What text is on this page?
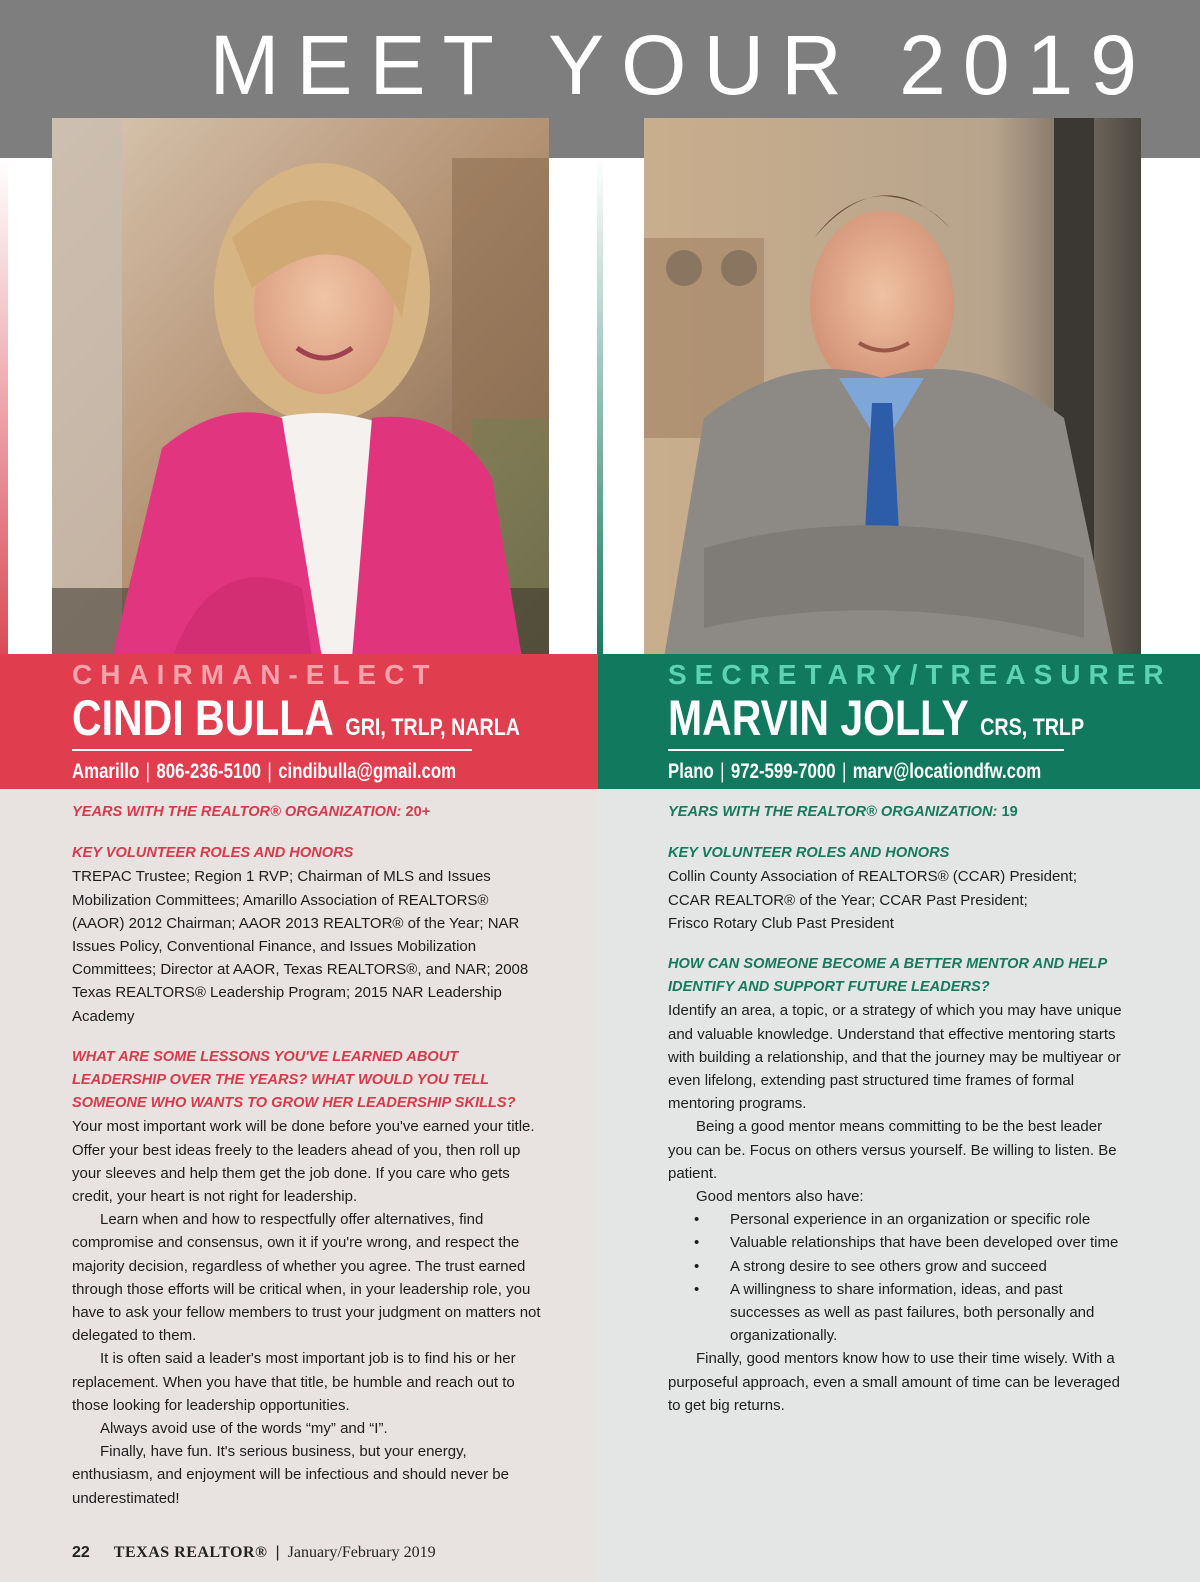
MEET YOUR 2019
CHAIRMAN-ELECT
CINDI BULLA GRI, TRLP, NARLA
Amarillo | 806-236-5100 | cindibulla@gmail.com
SECRETARY/TREASURER
MARVIN JOLLY CRS, TRLP
Plano | 972-599-7000 | marv@locationdfw.com
YEARS WITH THE REALTOR® ORGANIZATION: 20+
KEY VOLUNTEER ROLES AND HONORS

TREPAC Trustee; Region 1 RVP; Chairman of MLS and Issues Mobilization Committees; Amarillo Association of REALTORS® (AAOR) 2012 Chairman; AAOR 2013 REALTOR® of the Year; NAR Issues Policy, Conventional Finance, and Issues Mobilization Committees; Director at AAOR, Texas REALTORS®, and NAR; 2008 Texas REALTORS® Leadership Program; 2015 NAR Leadership Academy

WHAT ARE SOME LESSONS YOU'VE LEARNED ABOUT LEADERSHIP OVER THE YEARS? WHAT WOULD YOU TELL SOMEONE WHO WANTS TO GROW HER LEADERSHIP SKILLS?

Your most important work will be done before you've earned your title. Offer your best ideas freely to the leaders ahead of you, then roll up your sleeves and help them get the job done. If you care who gets credit, your heart is not right for leadership.

Learn when and how to respectfully offer alternatives, find compromise and consensus, own it if you're wrong, and respect the majority decision, regardless of whether you agree. The trust earned through those efforts will be critical when, in your leadership role, you have to ask your fellow members to trust your judgment on matters not delegated to them.

It is often said a leader's most important job is to find his or her replacement. When you have that title, be humble and reach out to those looking for leadership opportunities.

Always avoid use of the words “my” and “I”.

Finally, have fun. It's serious business, but your energy, enthusiasm, and enjoyment will be infectious and should never be underestimated!

YEARS WITH THE REALTOR® ORGANIZATION: 19
KEY VOLUNTEER ROLES AND HONORS

Collin County Association of REALTORS® (CCAR) President;

CCAR REALTOR® of the Year; CCAR Past President;

Frisco Rotary Club Past President

HOW CAN SOMEONE BECOME A BETTER MENTOR AND HELP IDENTIFY AND SUPPORT FUTURE LEADERS?

Identify an area, a topic, or a strategy of which you may have unique and valuable knowledge. Understand that effective mentoring starts with building a relationship, and that the journey may be multiyear or even lifelong, extending past structured time frames of formal mentoring programs.

Being a good mentor means committing to be the best leader you can be. Focus on others versus yourself. Be willing to listen. Be patient.

Good mentors also have:

• Personal experience in an organization or specific role
• Valuable relationships that have been developed over time
• A strong desire to see others grow and succeed
• A willingness to share information, ideas, and past successes as well as past failures, both personally and organizationally.

Finally, good mentors know how to use their time wisely. With a purposeful approach, even a small amount of time can be leveraged to get big returns.

22 TEXAS REALTOR® | January/February 2019
